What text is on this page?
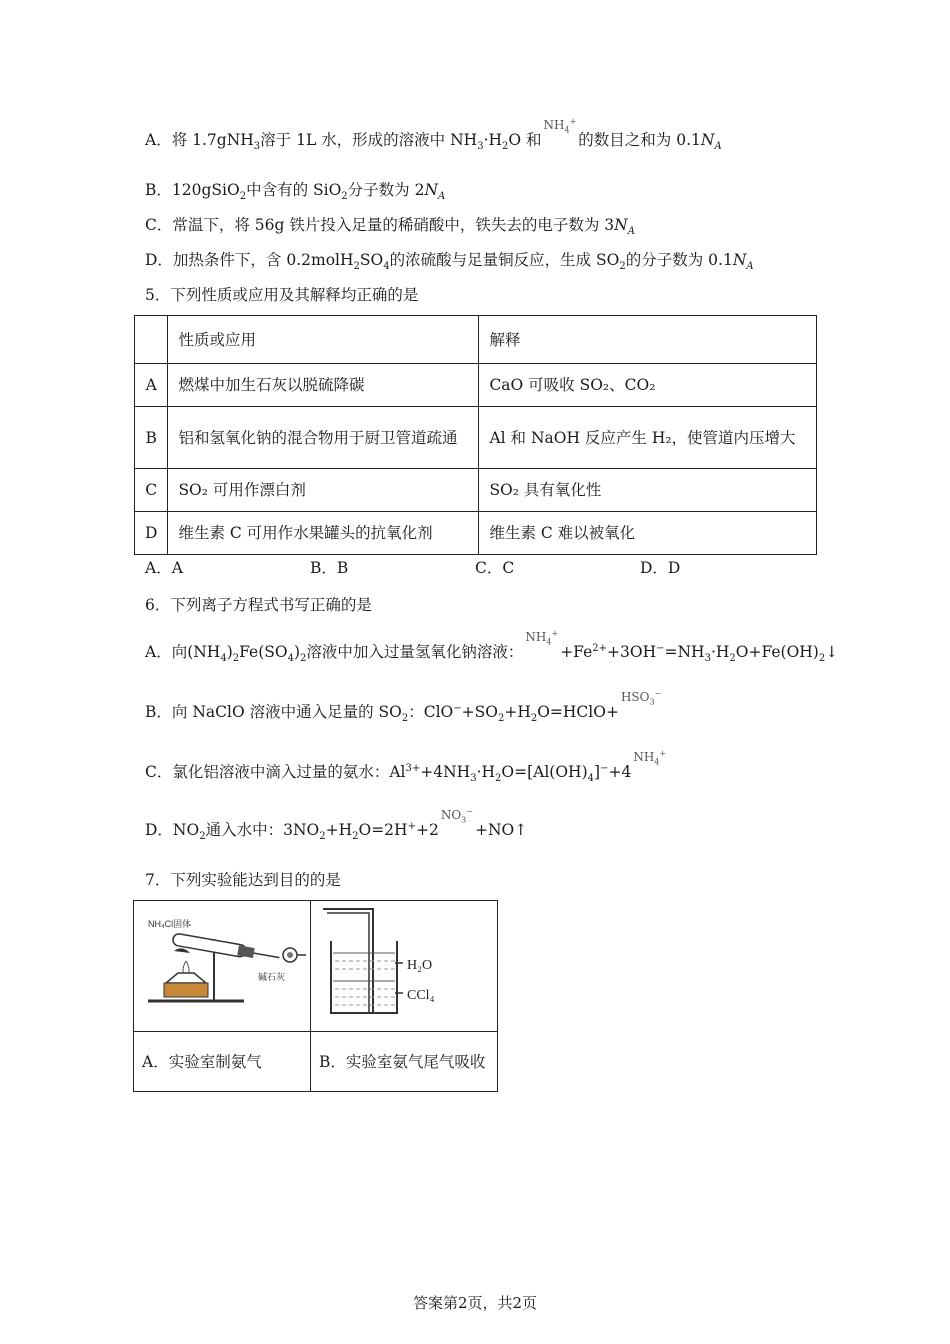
A．将 1.7gNH$_3$溶于 1L 水，形成的溶液中 $NH_3\cdot H_2O$ 和$NH_4^+$的数目之和为 $0.1N_A$
B．120gSiO$_2$中含有的 SiO$_2$分子数为 $2N_A$
C．常温下，将 56g 铁片投入足量的稀硝酸中，铁失去的电子数为 $3N_A$
D．加热条件下，含 $0.2molH_2SO_4$的浓硫酸与足量铜反应，生成 $SO_2$的分子数为 $0.1N_A$
5．下列性质或应用及其解释均正确的是
	性质或应用	解释
A	燃煤中加生石灰以脱硫降碳	CaO 可吸收 SO₂、CO₂
B	铝和氢氧化钠的混合物用于厨卫管道疏通	Al 和 NaOH 反应产生 H₂，使管道内压增大
C	SO₂ 可用作漂白剂	SO₂ 具有氧化性
D	维生素 C 可用作水果罐头的抗氧化剂	维生素 C 难以被氧化
A．A	B．B	C．C	D．D
6．下列离子方程式书写正确的是
A．向$(NH_4)_2Fe(SO_4)_2$溶液中加入过量氢氧化钠溶液：$NH_4^++Fe^{2+}+3OH^-=NH_3\cdot H_2O+Fe(OH)_2↓$
B．向 NaClO 溶液中通入足量的 $SO_2$：$ClO^-+SO_2+H_2O=HClO+HSO_3^-$
C．氯化铝溶液中滴入过量的氨水：$Al^{3+}+4NH_3\cdot H_2O=[Al(OH)_4]^-+4NH_4^+$
D．$NO_2$通入水中：$3NO_2+H_2O=2H^++2NO_3^-+NO↑$
7．下列实验能达到目的的是
NH₄Cl固体
碱石灰	H₂O
CCl₄

A．实验室制氨气	B．实验室氨气尾气吸收
答案第2页，共2页
